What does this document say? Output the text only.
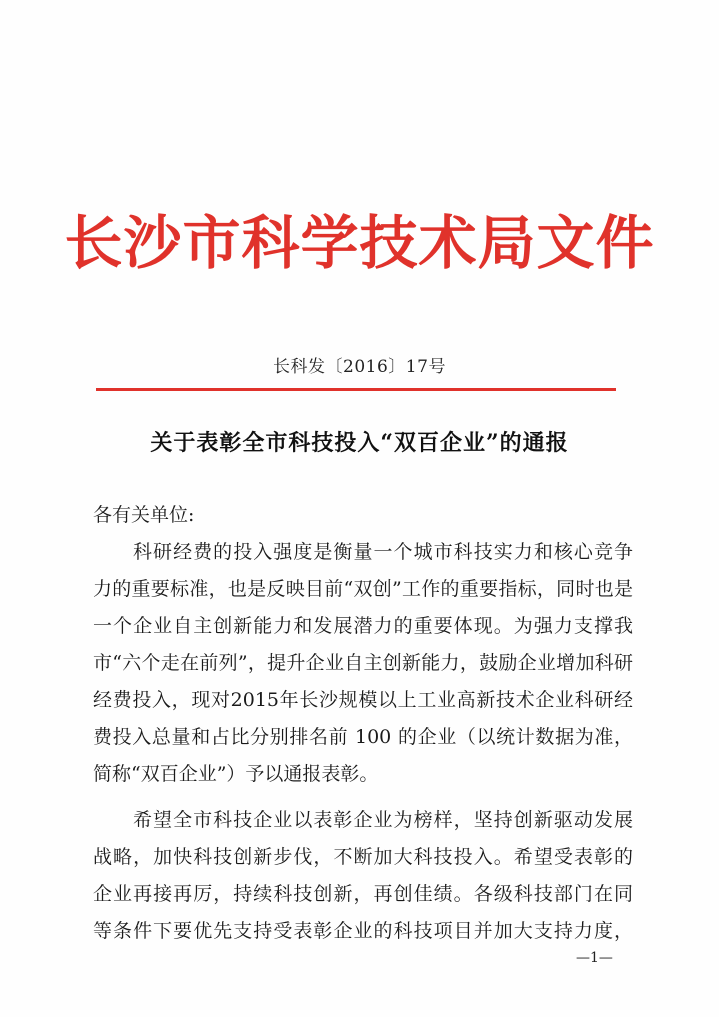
长沙市科学技术局文件
长科发〔2016〕17号
关于表彰全市科技投入“双百企业”的通报
各有关单位:
科研经费的投入强度是衡量一个城市科技实力和核心竞争
力的重要标准，也是反映目前“双创”工作的重要指标，同时也是
一个企业自主创新能力和发展潜力的重要体现。为强力支撑我
市“六个走在前列”，提升企业自主创新能力，鼓励企业增加科研
经费投入，现对2015年长沙规模以上工业高新技术企业科研经
费投入总量和占比分别排名前 100 的企业（以统计数据为准，
简称“双百企业”）予以通报表彰。
希望全市科技企业以表彰企业为榜样，坚持创新驱动发展
战略，加快科技创新步伐，不断加大科技投入。希望受表彰的
企业再接再厉，持续科技创新，再创佳绩。各级科技部门在同
等条件下要优先支持受表彰企业的科技项目并加大支持力度，
—1—
